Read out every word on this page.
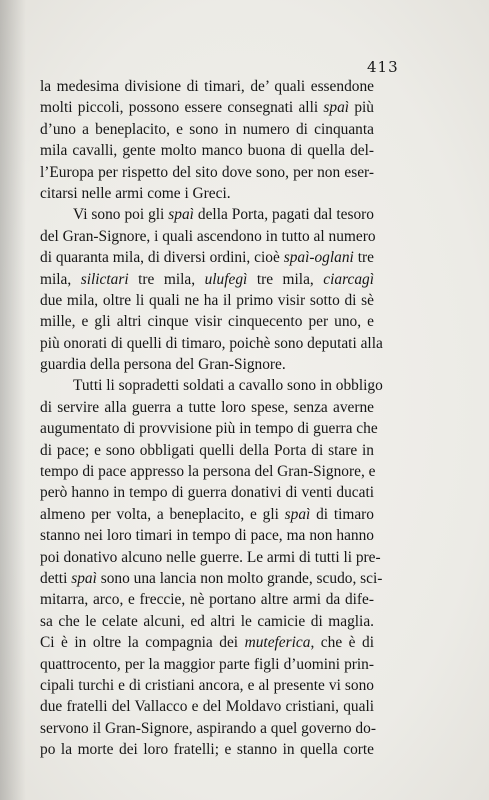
413
la medesima divisione di timari, de’ quali essendone
molti piccoli, possono essere consegnati alli spaì più
d’uno a beneplacito, e sono in numero di cinquanta
mila cavalli, gente molto manco buona di quella del-
l’Europa per rispetto del sito dove sono, per non eser-
citarsi nelle armi come i Greci.
Vi sono poi gli spaì della Porta, pagati dal tesoro
del Gran-Signore, i quali ascendono in tutto al numero
di quaranta mila, di diversi ordini, cioè spaì-oglani tre
mila, silictari tre mila, ulufegì tre mila, ciarcagì
due mila, oltre li quali ne ha il primo visir sotto di sè
mille, e gli altri cinque visir cinquecento per uno, e
più onorati di quelli di timaro, poichè sono deputati alla
guardia della persona del Gran-Signore.
Tutti li sopradetti soldati a cavallo sono in obbligo
di servire alla guerra a tutte loro spese, senza averne
augumentato di provvisione più in tempo di guerra che
di pace; e sono obbligati quelli della Porta di stare in
tempo di pace appresso la persona del Gran-Signore, e
però hanno in tempo di guerra donativi di venti ducati
almeno per volta, a beneplacito, e gli spaì di timaro
stanno nei loro timari in tempo di pace, ma non hanno
poi donativo alcuno nelle guerre. Le armi di tutti li pre-
detti spaì sono una lancia non molto grande, scudo, sci-
mitarra, arco, e freccie, nè portano altre armi da dife-
sa che le celate alcuni, ed altri le camicie di maglia.
Ci è in oltre la compagnia dei muteferica, che è di
quattrocento, per la maggior parte figli d’uomini prin-
cipali turchi e di cristiani ancora, e al presente vi sono
due fratelli del Vallacco e del Moldavo cristiani, quali
servono il Gran-Signore, aspirando a quel governo do-
po la morte dei loro fratelli; e stanno in quella corte
